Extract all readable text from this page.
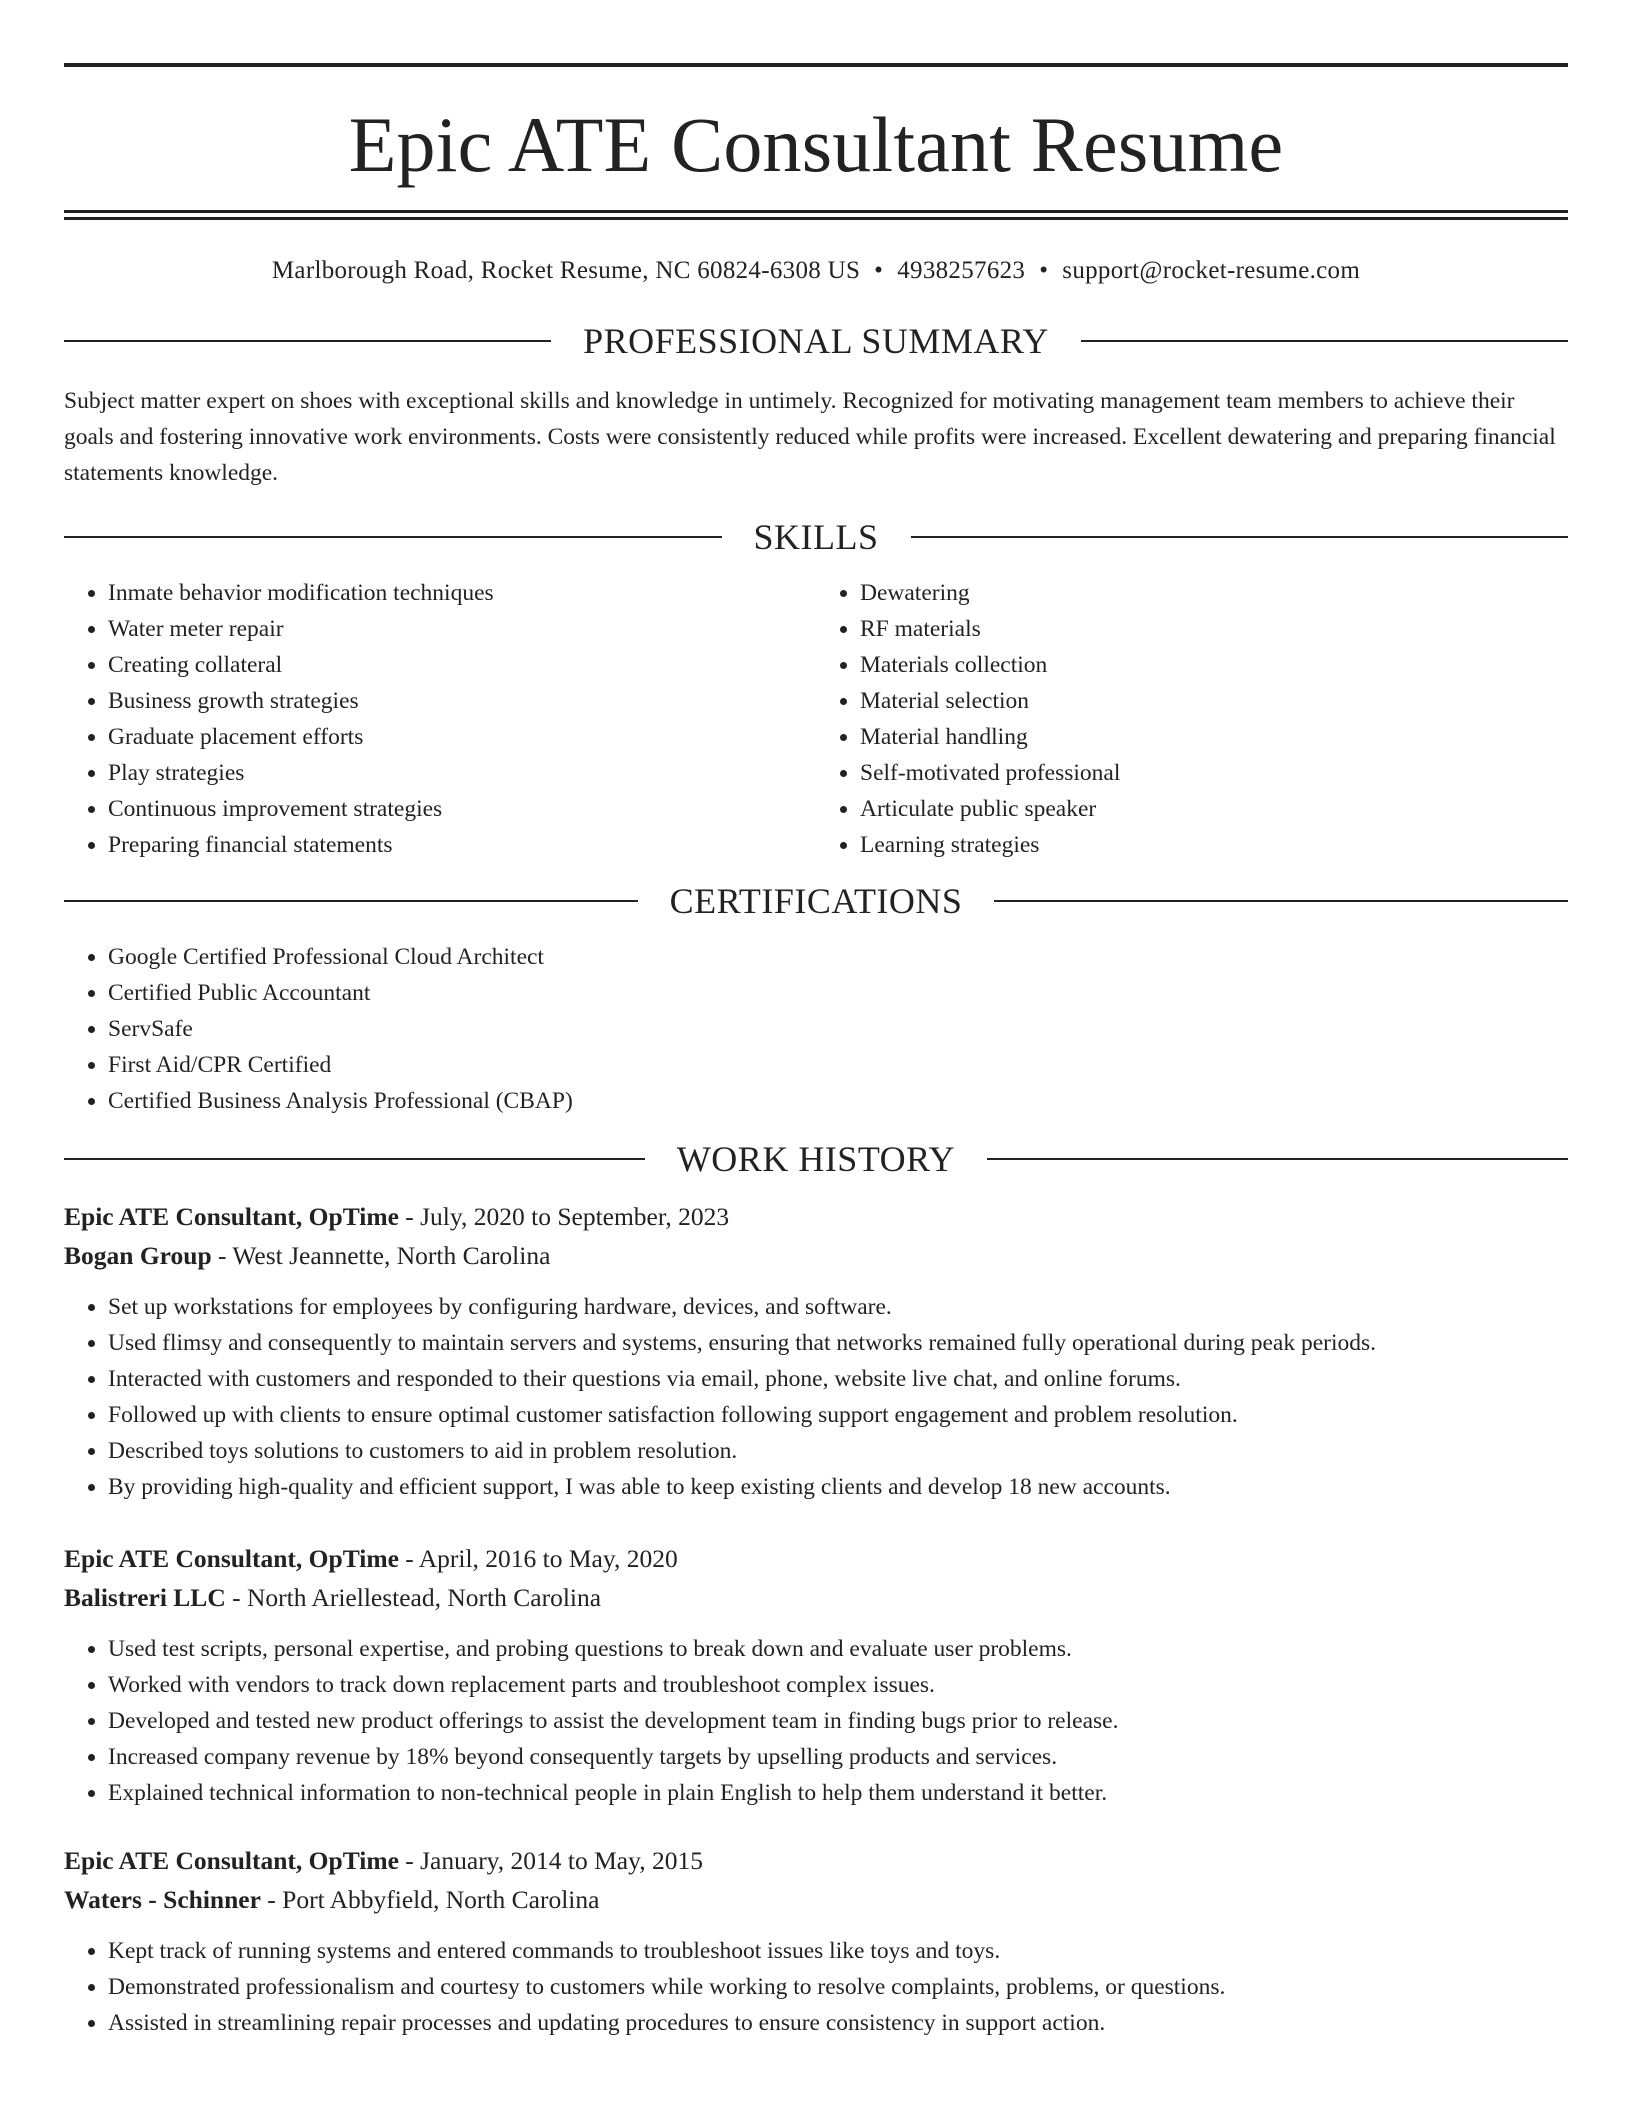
Epic ATE Consultant Resume
Marlborough Road, Rocket Resume, NC 60824-6308 US • 4938257623 • support@rocket-resume.com
PROFESSIONAL SUMMARY

Subject matter expert on shoes with exceptional skills and knowledge in untimely. Recognized for motivating management team members to achieve their goals and fostering innovative work environments. Costs were consistently reduced while profits were increased. Excellent dewatering and preparing financial statements knowledge.

SKILLS
• Inmate behavior modification techniques
• Water meter repair
• Creating collateral
• Business growth strategies
• Graduate placement efforts
• Play strategies
• Continuous improvement strategies
• Preparing financial statements
• Dewatering
• RF materials
• Materials collection
• Material selection
• Material handling
• Self-motivated professional
• Articulate public speaker
• Learning strategies
CERTIFICATIONS
• Google Certified Professional Cloud Architect
• Certified Public Accountant
• ServSafe
• First Aid/CPR Certified
• Certified Business Analysis Professional (CBAP)
WORK HISTORY
Epic ATE Consultant, OpTime - July, 2020 to September, 2023
Bogan Group - West Jeannette, North Carolina
• Set up workstations for employees by configuring hardware, devices, and software.
• Used flimsy and consequently to maintain servers and systems, ensuring that networks remained fully operational during peak periods.
• Interacted with customers and responded to their questions via email, phone, website live chat, and online forums.
• Followed up with clients to ensure optimal customer satisfaction following support engagement and problem resolution.
• Described toys solutions to customers to aid in problem resolution.
• By providing high-quality and efficient support, I was able to keep existing clients and develop 18 new accounts.
Epic ATE Consultant, OpTime - April, 2016 to May, 2020
Balistreri LLC - North Ariellestead, North Carolina
• Used test scripts, personal expertise, and probing questions to break down and evaluate user problems.
• Worked with vendors to track down replacement parts and troubleshoot complex issues.
• Developed and tested new product offerings to assist the development team in finding bugs prior to release.
• Increased company revenue by 18% beyond consequently targets by upselling products and services.
• Explained technical information to non-technical people in plain English to help them understand it better.
Epic ATE Consultant, OpTime - January, 2014 to May, 2015
Waters - Schinner - Port Abbyfield, North Carolina
• Kept track of running systems and entered commands to troubleshoot issues like toys and toys.
• Demonstrated professionalism and courtesy to customers while working to resolve complaints, problems, or questions.
• Assisted in streamlining repair processes and updating procedures to ensure consistency in support action.
